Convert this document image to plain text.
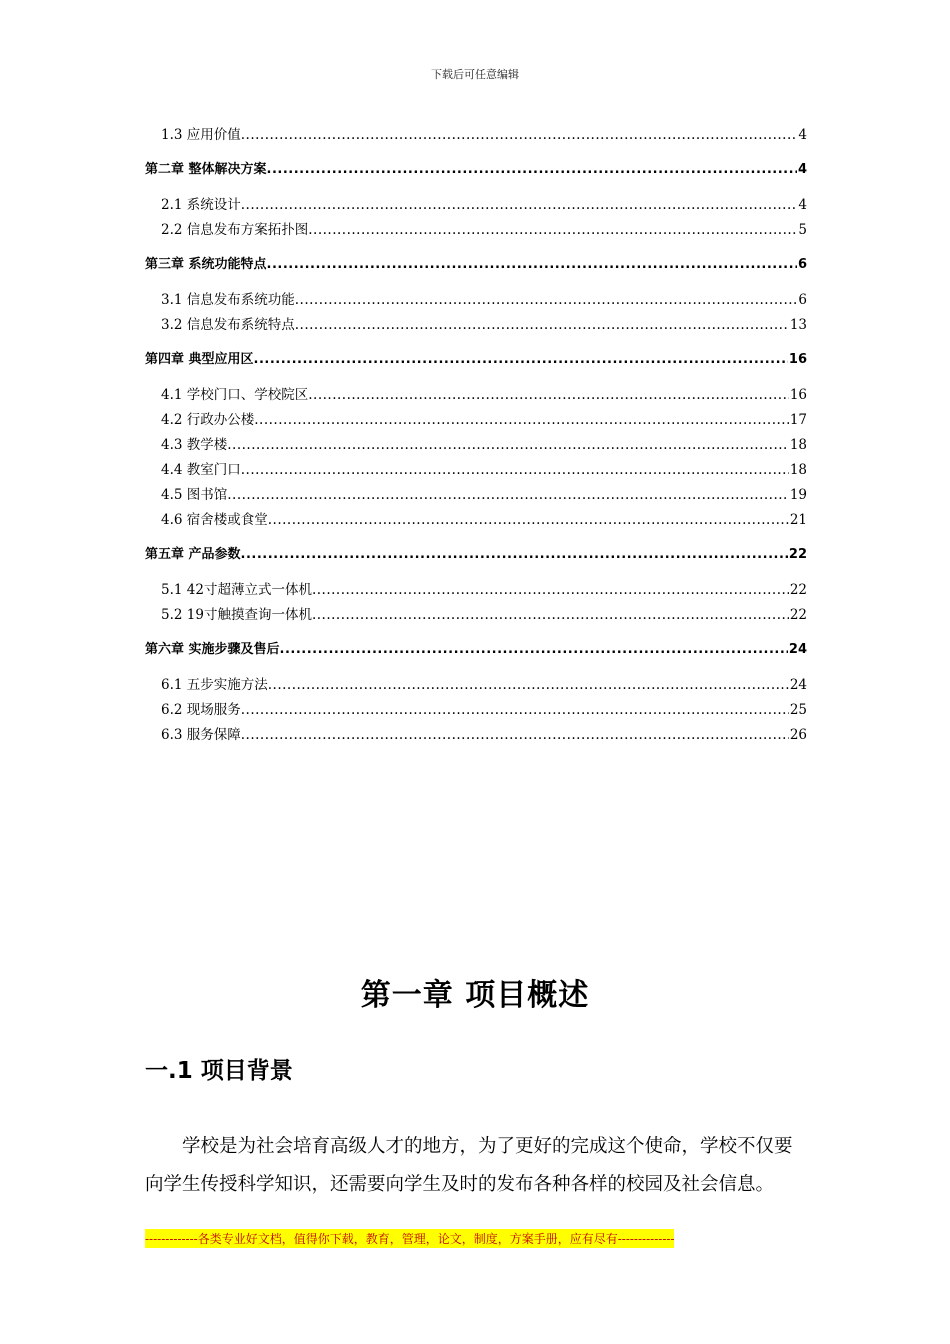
下载后可任意编辑
1.3 应用价值 .....	4
第二章 整体解决方案 .....	4
2.1 系统设计 .....	4
2.2 信息发布方案拓扑图 .....	5
第三章 系统功能特点 .....	6
3.1 信息发布系统功能 .....	6
3.2 信息发布系统特点 .....	13
第四章 典型应用区 .....	16
4.1 学校门口、学校院区 .....	16
4.2 行政办公楼 .....	17
4.3 教学楼 .....	18
4.4 教室门口 .....	18
4.5 图书馆 .....	19
4.6 宿舍楼或食堂 .....	21
第五章 产品参数 .....	22
5.1 42寸超薄立式一体机 .....	22
5.2 19寸触摸查询一体机 .....	22
第六章 实施步骤及售后 .....	24
6.1 五步实施方法 .....	24
6.2 现场服务 .....	25
6.3 服务保障 .....	26
第一章 项目概述
一.1 项目背景
学校是为社会培育高级人才的地方，为了更好的完成这个使命，学校不仅要向学生传授科学知识，还需要向学生及时的发布各种各样的校园及社会信息。
-------------各类专业好文档，值得你下载，教育，管理，论文，制度，方案手册，应有尽有--------------
